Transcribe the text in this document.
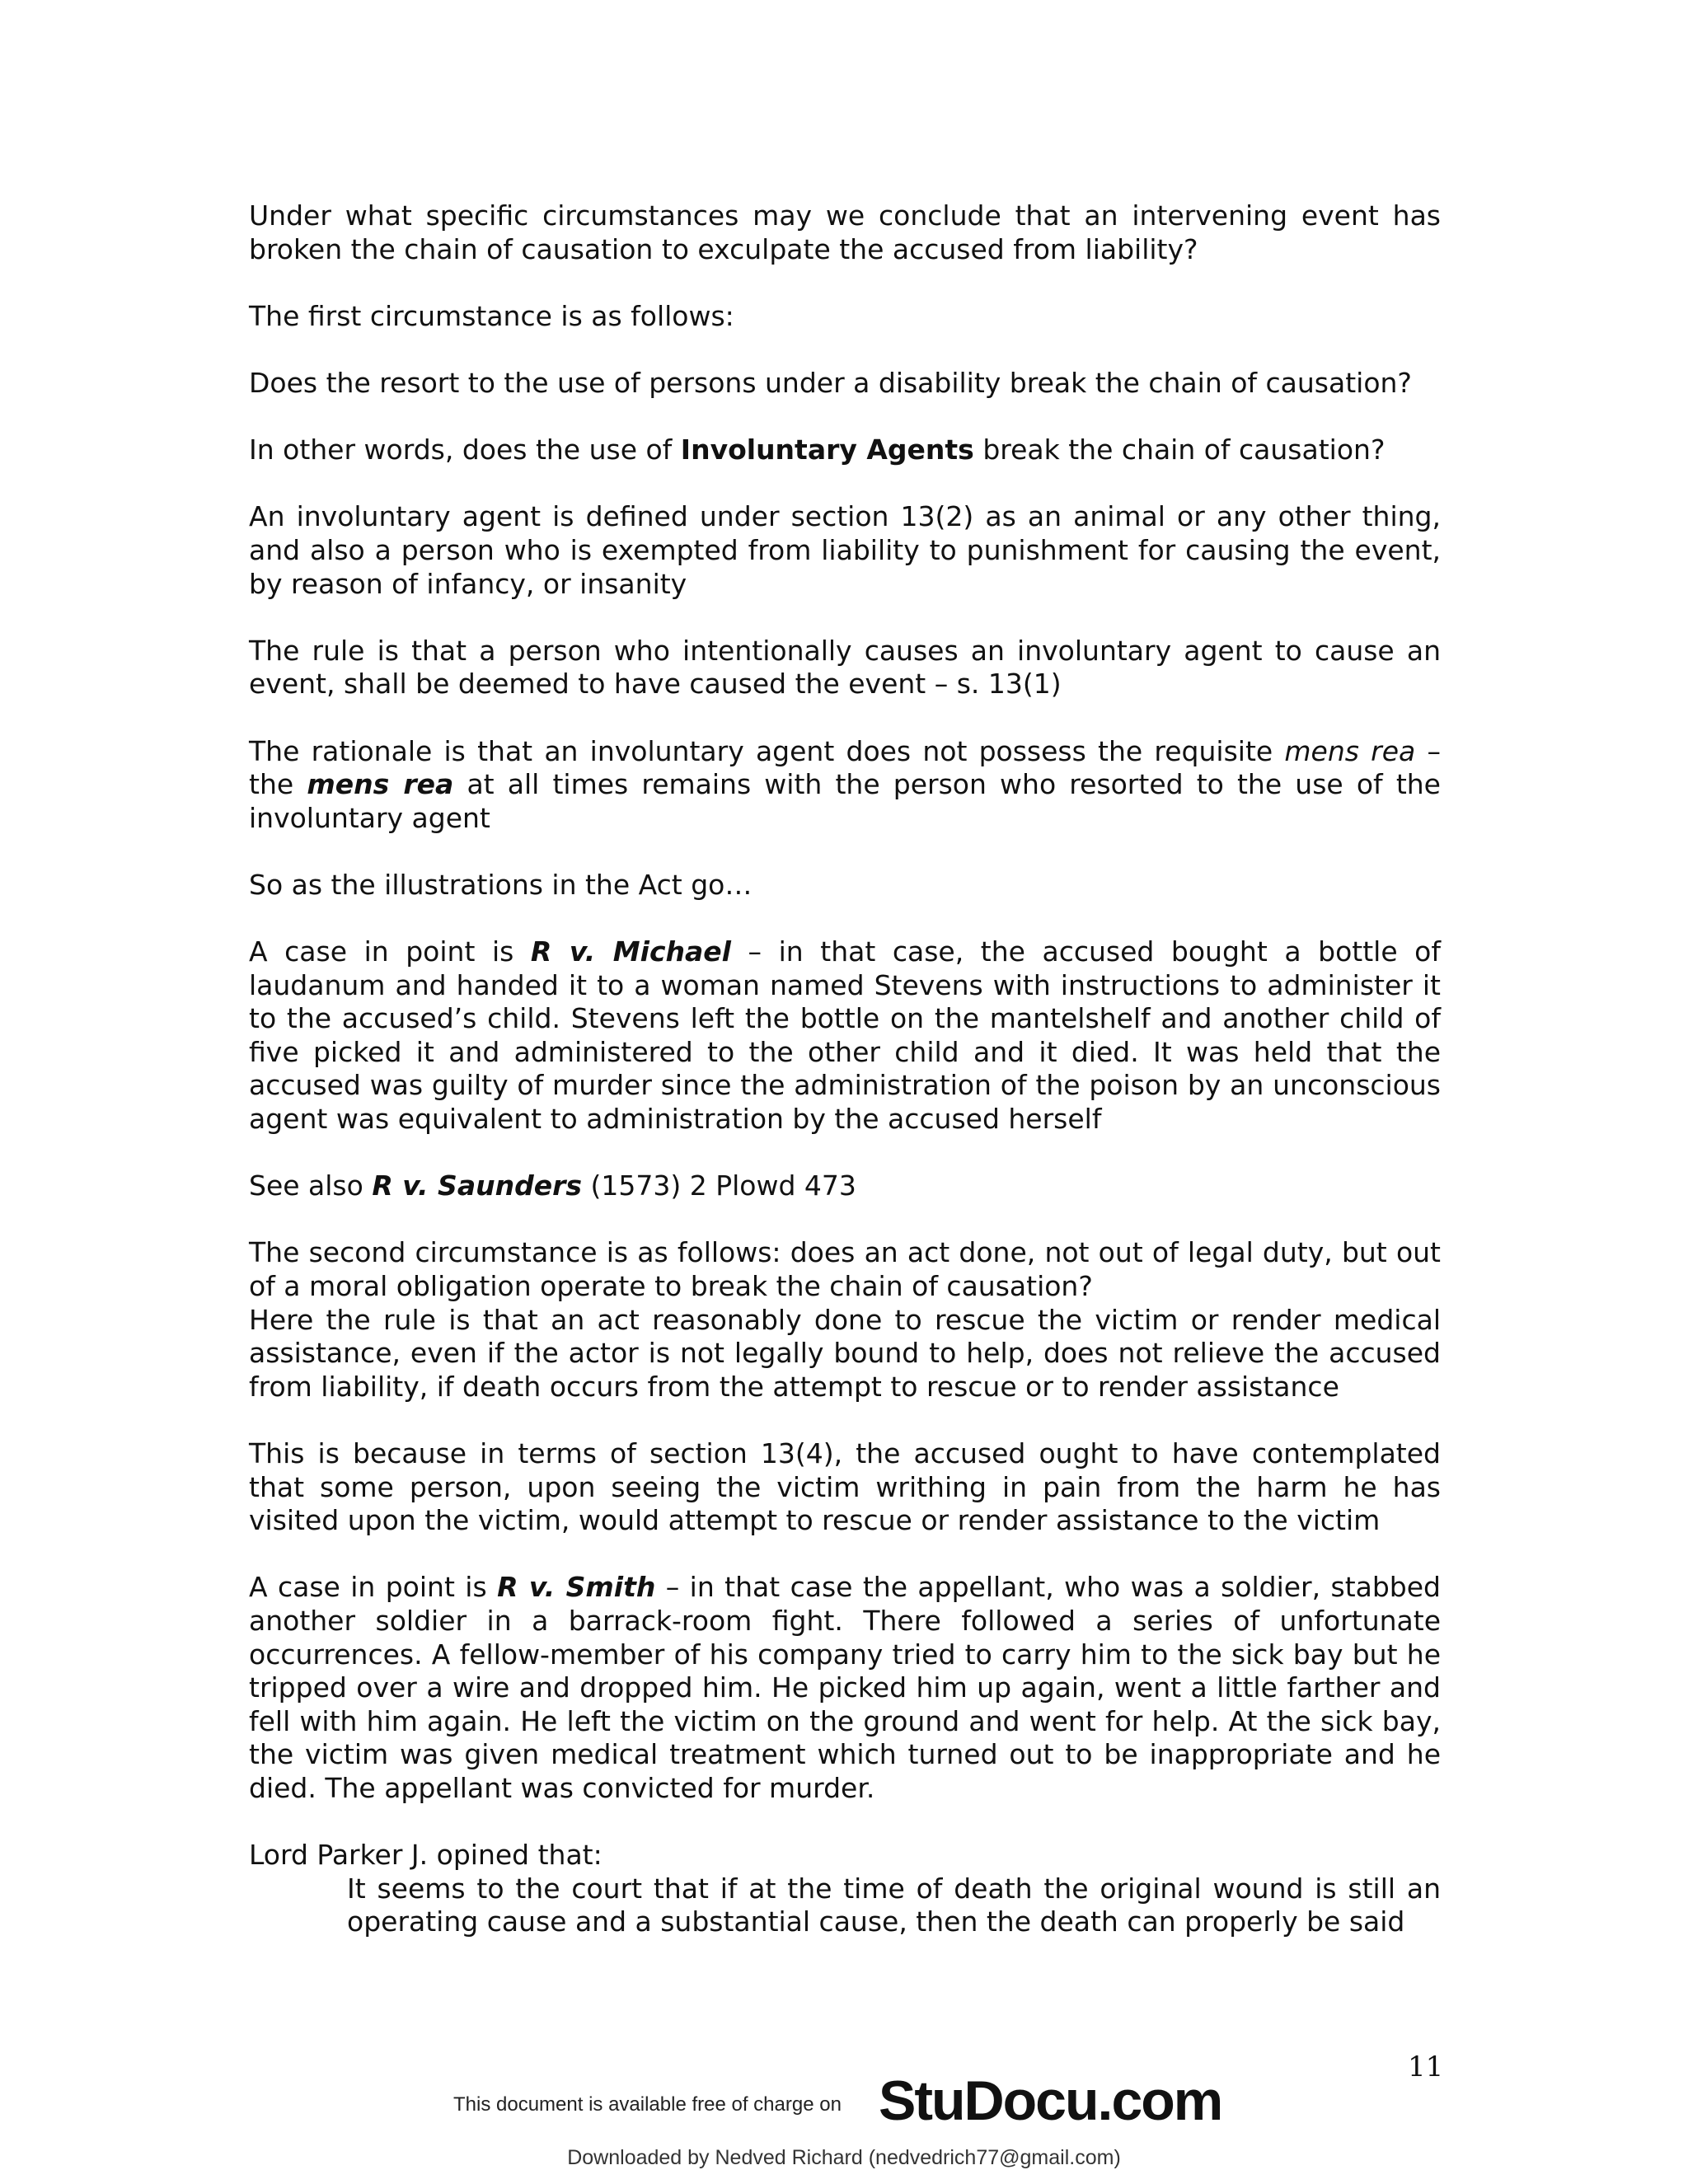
Under what specific circumstances may we conclude that an intervening event has broken the chain of causation to exculpate the accused from liability?

The first circumstance is as follows:

Does the resort to the use of persons under a disability break the chain of causation?

In other words, does the use of Involuntary Agents break the chain of causation?

An involuntary agent is defined under section 13(2) as an animal or any other thing, and also a person who is exempted from liability to punishment for causing the event, by reason of infancy, or insanity

The rule is that a person who intentionally causes an involuntary agent to cause an event, shall be deemed to have caused the event – s. 13(1)

The rationale is that an involuntary agent does not possess the requisite mens rea – the mens rea at all times remains with the person who resorted to the use of the involuntary agent

So as the illustrations in the Act go…

A case in point is R v. Michael – in that case, the accused bought a bottle of laudanum and handed it to a woman named Stevens with instructions to administer it to the accused’s child. Stevens left the bottle on the mantelshelf and another child of five picked it and administered to the other child and it died. It was held that the accused was guilty of murder since the administration of the poison by an unconscious agent was equivalent to administration by the accused herself

See also R v. Saunders (1573) 2 Plowd 473

The second circumstance is as follows: does an act done, not out of legal duty, but out of a moral obligation operate to break the chain of causation?

Here the rule is that an act reasonably done to rescue the victim or render medical assistance, even if the actor is not legally bound to help, does not relieve the accused from liability, if death occurs from the attempt to rescue or to render assistance

This is because in terms of section 13(4), the accused ought to have contemplated that some person, upon seeing the victim writhing in pain from the harm he has visited upon the victim, would attempt to rescue or render assistance to the victim

A case in point is R v. Smith – in that case the appellant, who was a soldier, stabbed another soldier in a barrack-room fight. There followed a series of unfortunate occurrences. A fellow-member of his company tried to carry him to the sick bay but he tripped over a wire and dropped him. He picked him up again, went a little farther and fell with him again. He left the victim on the ground and went for help. At the sick bay, the victim was given medical treatment which turned out to be inappropriate and he died. The appellant was convicted for murder.

Lord Parker J. opined that:

It seems to the court that if at the time of death the original wound is still an operating cause and a substantial cause, then the death can properly be said

11
This document is available free of charge on StuDocu.com
Downloaded by Nedved Richard (nedvedrich77@gmail.com)
